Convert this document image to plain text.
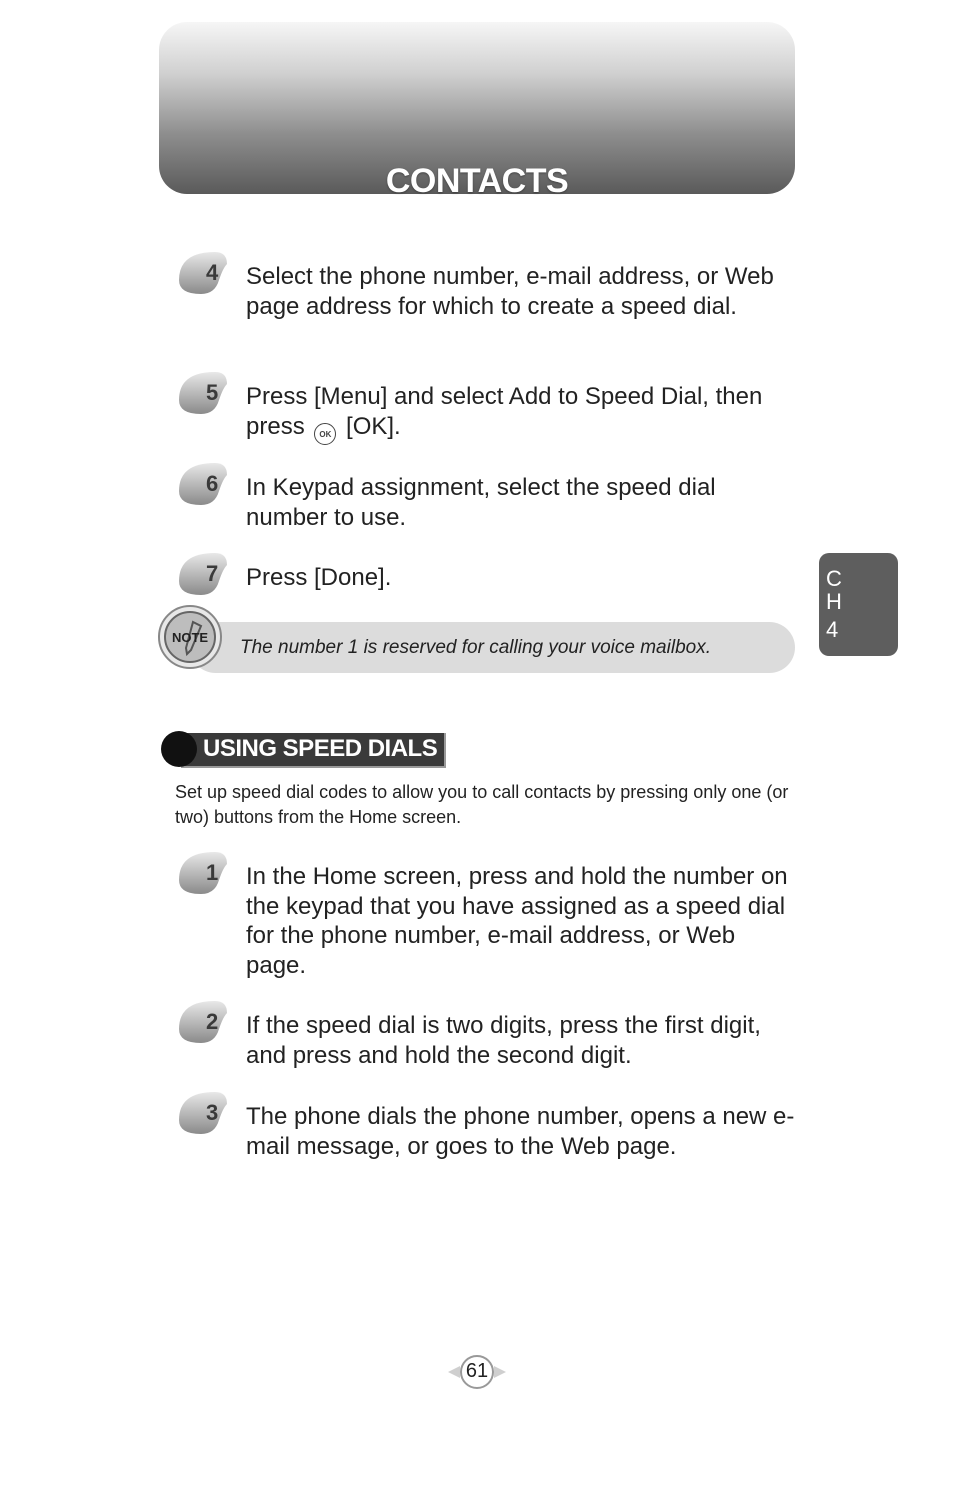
CONTACTS
4 Select the phone number, e-mail address, or Web page address for which to create a speed dial.
5 Press [Menu] and select Add to Speed Dial, then press OK [OK].
6 In Keypad assignment, select the speed dial number to use.
7 Press [Done].
NOTE The number 1 is reserved for calling your voice mailbox.
C
H
4
USING SPEED DIALS
Set up speed dial codes to allow you to call contacts by pressing only one (or two) buttons from the Home screen.
1 In the Home screen, press and hold the number on the keypad that you have assigned as a speed dial for the phone number, e-mail address, or Web page.
2 If the speed dial is two digits, press the first digit, and press and hold the second digit.
3 The phone dials the phone number, opens a new e-mail message, or goes to the Web page.
61
